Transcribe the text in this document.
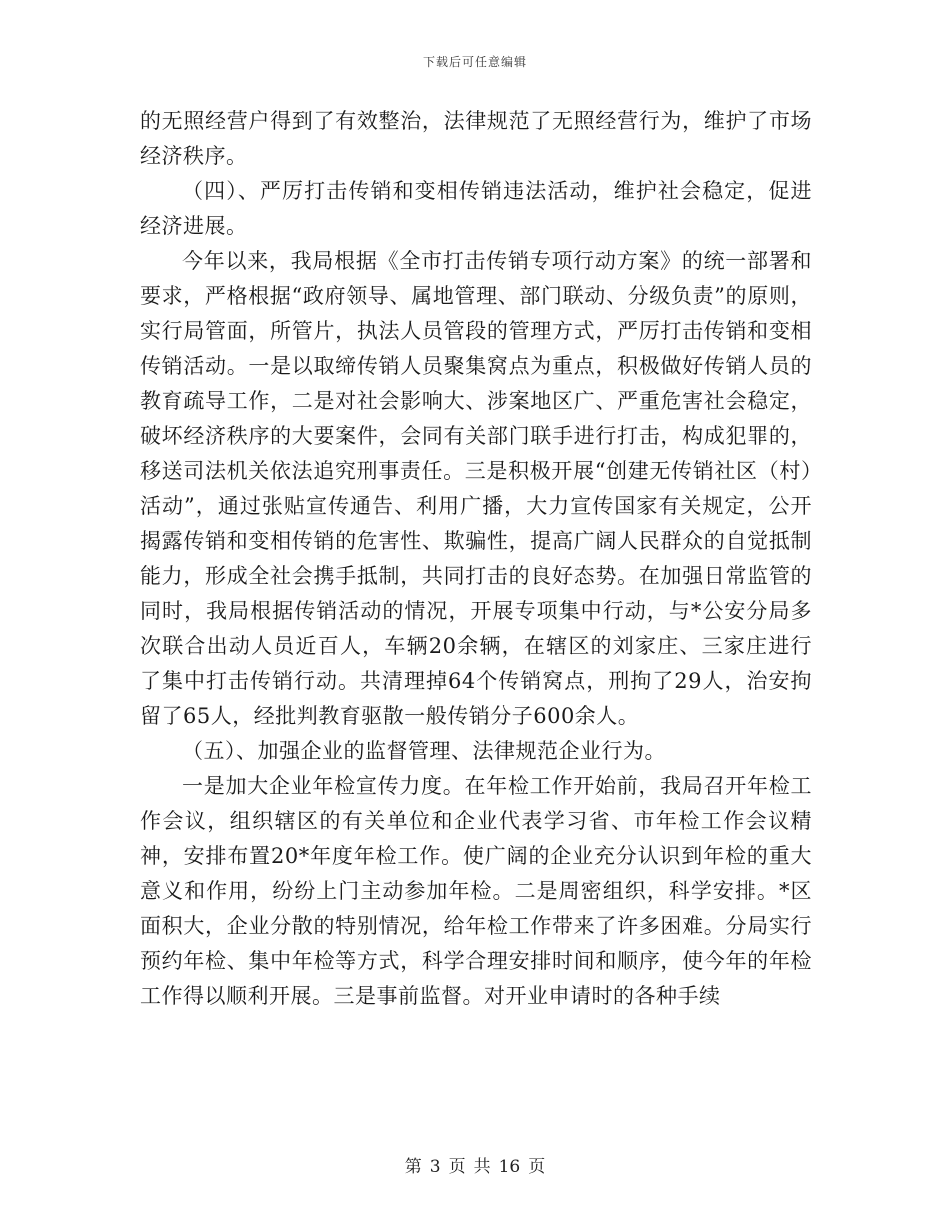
下载后可任意编辑

的无照经营户得到了有效整治，法律规范了无照经营行为，维护了市场经济秩序。

（四）、严厉打击传销和变相传销违法活动，维护社会稳定，促进经济进展。

今年以来，我局根据《全市打击传销专项行动方案》的统一部署和要求，严格根据“政府领导、属地管理、部门联动、分级负责”的原则，实行局管面，所管片，执法人员管段的管理方式，严厉打击传销和变相传销活动。一是以取缔传销人员聚集窝点为重点，积极做好传销人员的教育疏导工作，二是对社会影响大、涉案地区广、严重危害社会稳定，破坏经济秩序的大要案件，会同有关部门联手进行打击，构成犯罪的，移送司法机关依法追究刑事责任。三是积极开展“创建无传销社区（村）活动”，通过张贴宣传通告、利用广播，大力宣传国家有关规定，公开揭露传销和变相传销的危害性、欺骗性，提高广阔人民群众的自觉抵制能力，形成全社会携手抵制，共同打击的良好态势。在加强日常监管的同时，我局根据传销活动的情况，开展专项集中行动，与*公安分局多次联合出动人员近百人，车辆20余辆，在辖区的刘家庄、三家庄进行了集中打击传销行动。共清理掉64个传销窝点，刑拘了29人，治安拘留了65人，经批判教育驱散一般传销分子600余人。

（五）、加强企业的监督管理、法律规范企业行为。

一是加大企业年检宣传力度。在年检工作开始前，我局召开年检工作会议，组织辖区的有关单位和企业代表学习省、市年检工作会议精神，安排布置20*年度年检工作。使广阔的企业充分认识到年检的重大意义和作用，纷纷上门主动参加年检。二是周密组织，科学安排。*区面积大，企业分散的特别情况，给年检工作带来了许多困难。分局实行预约年检、集中年检等方式，科学合理安排时间和顺序，使今年的年检工作得以顺利开展。三是事前监督。对开业申请时的各种手续

第 3 页 共 16 页
